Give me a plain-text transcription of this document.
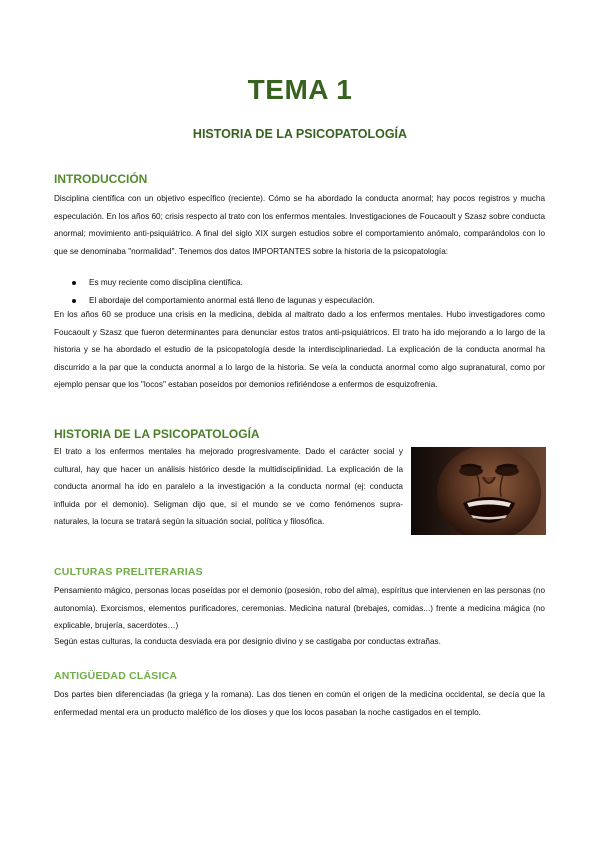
TEMA 1
HISTORIA DE LA PSICOPATOLOGÍA
INTRODUCCIÓN
Disciplina científica con un objetivo específico (reciente). Cómo se ha abordado la conducta anormal; hay pocos registros y mucha especulación. En los años 60; crisis respecto al trato con los enfermos mentales. Investigaciones de Foucaoult y Szasz sobre conducta anormal; movimiento anti-psiquiátrico. A final del siglo XIX surgen estudios sobre el comportamiento anómalo, comparándolos con lo que se denominaba "normalidad". Tenemos dos datos IMPORTANTES sobre la historia de la psicopatología:
Es muy reciente como disciplina científica.
El abordaje del comportamiento anormal está lleno de lagunas y especulación.
En los años 60 se produce una crisis en la medicina, debida al maltrato dado a los enfermos mentales. Hubo investigadores como Foucaoult y Szasz que fueron determinantes para denunciar estos tratos anti-psiquiátricos. El trato ha ido mejorando a lo largo de la historia y se ha abordado el estudio de la psicopatología desde la interdisciplinariedad. La explicación de la conducta anormal ha discurrido a la par que la conducta anormal a lo largo de la historia. Se veía la conducta anormal como algo supranatural, como por ejemplo pensar que los "locos" estaban poseídos por demonios refiriéndose a enfermos de esquizofrenia.
HISTORIA DE LA PSICOPATOLOGÍA
El trato a los enfermos mentales ha mejorado progresivamente. Dado el carácter social y cultural, hay que hacer un análisis histórico desde la multidisciplinidad. La explicación de la conducta anormal ha ido en paralelo a la investigación a la conducta normal (ej: conducta influida por el demonio). Seligman dijo que, si el mundo se ve como fenómenos supra-naturales, la locura se tratará según la situación social, política y filosófica.
CULTURAS PRELITERARIAS
Pensamiento mágico, personas locas poseídas por el demonio (posesión, robo del alma), espíritus que intervienen en las personas (no autonomía). Exorcismos, elementos purificadores, ceremonias. Medicina natural (brebajes, comidas...) frente a medicina mágica (no explicable, brujería, sacerdotes…)
Según estas culturas, la conducta desviada era por designio divino y se castigaba por conductas extrañas.
ANTIGÜEDAD CLÁSICA
Dos partes bien diferenciadas (la griega y la romana). Las dos tienen en común el origen de la medicina occidental, se decía que la enfermedad mental era un producto maléfico de los dioses y que los locos pasaban la noche castigados en el templo.
